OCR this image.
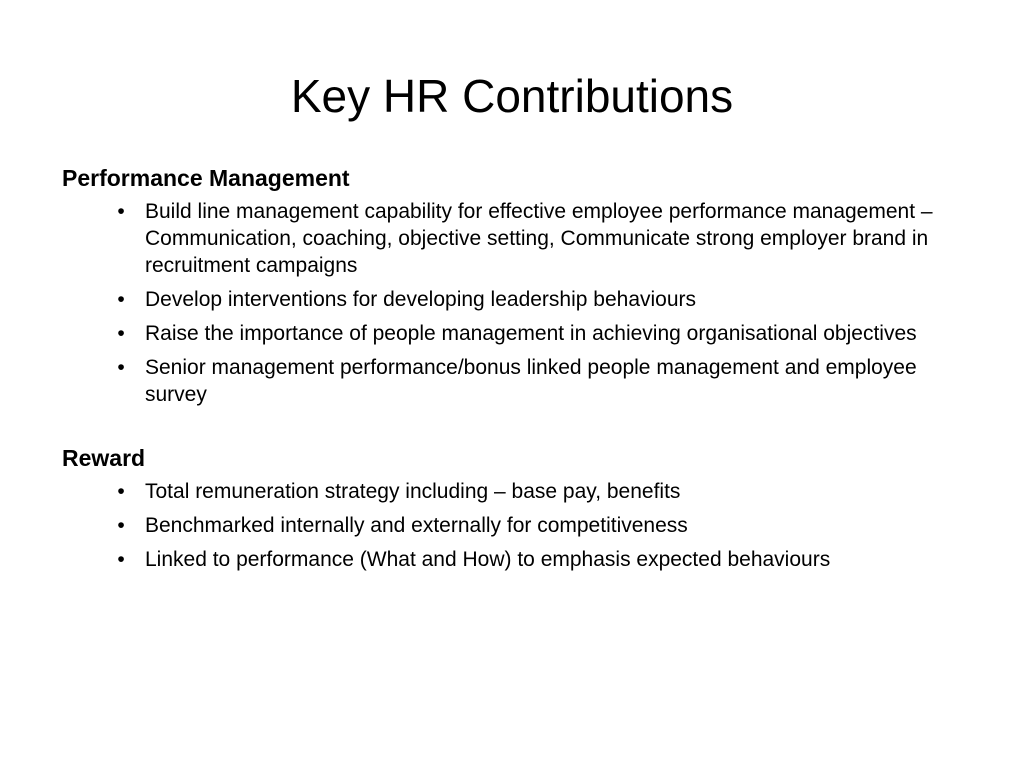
Key HR Contributions
Performance Management
• Build line management capability for effective employee performance management – Communication, coaching, objective setting, Communicate strong employer brand in recruitment campaigns
• Develop interventions for developing leadership behaviours
• Raise the importance of people management in achieving organisational objectives
• Senior management performance/bonus linked people management and employee survey
Reward
• Total remuneration strategy including – base pay, benefits
• Benchmarked internally and externally for competitiveness
• Linked to performance (What and How) to emphasis expected behaviours
